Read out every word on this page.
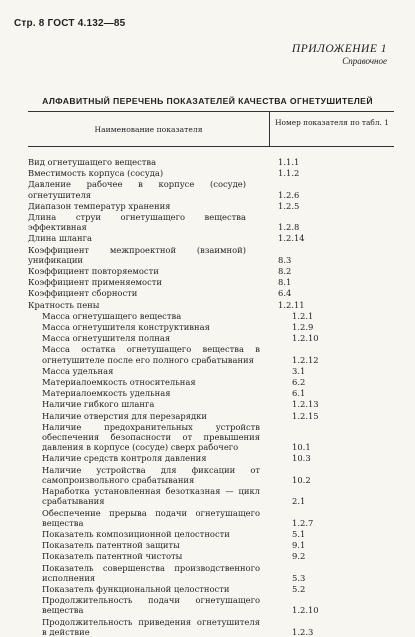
Стр. 8 ГОСТ 4.132—85
ПРИЛОЖЕНИЕ 1
Справочное
АЛФАВИТНЫЙ ПЕРЕЧЕНЬ ПОКАЗАТЕЛЕЙ КАЧЕСТВА ОГНЕТУШИТЕЛЕЙ
Наименование показателя
Номер показателя по табл. 1
Вид огнетушащего вещества	1.1.1
Вместимость корпуса (сосуда)	1.1.2
Давление рабочее в корпусе (сосуде) огнетушителя	1.2.6
Диапазон температур хранения	1.2.5
Длина струи огнетушащего вещества эффективная	1.2.8
Длина шланга	1.2.14
Коэффициент межпроектной (взаимной) унификации	8.3
Коэффициент повторяемости	8.2
Коэффициент применяемости	8.1
Коэффициент сборности	6.4
Кратность пены	1.2.11
Масса огнетушащего вещества	1.2.1
Масса огнетушителя конструктивная	1.2.9
Масса огнетушителя полная	1.2.10
Масса остатка огнетушащего вещества в огнетушителе после его полного срабатывания	1.2.12
Масса удельная	3.1
Материалоемкость относительная	6.2
Материалоемкость удельная	6.1
Наличие гибкого шланга	1.2.13
Наличие отверстия для перезарядки	1.2.15
Наличие предохранительных устройств обеспечения безопасности от превышения давления в корпусе (сосуде) сверх рабочего	10.1
Наличие средств контроля давления	10.3
Наличие устройства для фиксации от самопроизвольного срабатывания	10.2
Наработка установленная безотказная — цикл срабатывания	2.1
Обеспечение прерыва подачи огнетушащего вещества	1.2.7
Показатель композиционной целостности	5.1
Показатель патентной защиты	9.1
Показатель патентной чистоты	9.2
Показатель совершенства производственного исполнения	5.3
Показатель функциональной целостности	5.2
Продолжительность подачи огнетушащего вещества	1.2.10
Продолжительность приведения огнетушителя в действие	1.2.3
